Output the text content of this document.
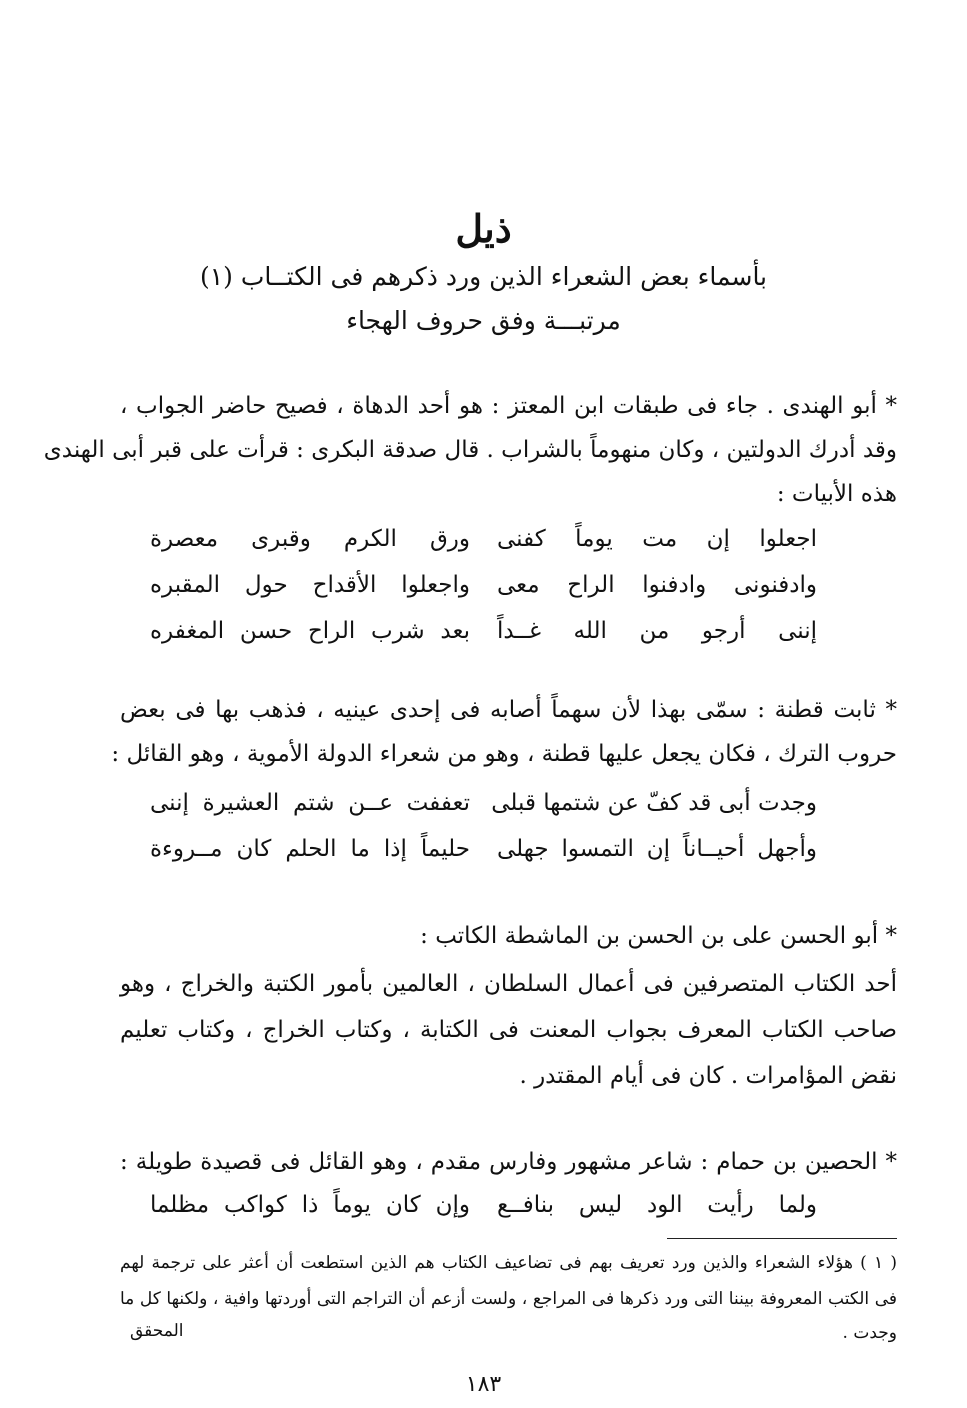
ذيل
بأسماء بعض الشعراء الذين ورد ذكرهم فى الكتــاب (١)
مرتبـــة وفق حروف الهجاء
* أبو الهندى . جاء فى طبقات ابن المعتز : هو أحد الدهاة ، فصيح حاضر الجواب ،
وقد أدرك الدولتين ، وكان منهوماً بالشراب . قال صدقة البكرى : قرأت على قبر أبى الهندى
هذه الأبيات :
اجعلوا إن مت يوماً كفنى
ورق الكرم وقبرى معصرة
وادفنونى وادفنوا الراح معى
واجعلوا الأقداح حول المقبره
إننى أرجو من الله غــداً
بعد شرب الراح حسن المغفره
* ثابت قطنة : سمّى بهذا لأن سهماً أصابه فى إحدى عينيه ، فذهب بها فى بعض
حروب الترك ، فكان يجعل عليها قطنة ، وهو من شعراء الدولة الأموية ، وهو القائل :
وجدت أبى قد كفّ عن شتمها قبلى
تعففت عــن شتم العشيرة إننى
وأجهل أحيــاناً إن التمسوا جهلى
حليماً إذا ما الحلم كان مــروءة
* أبو الحسن على بن الحسن بن الماشطة الكاتب :
أحد الكتاب المتصرفين فى أعمال السلطان ، العالمين بأمور الكتبة والخراج ، وهو
صاحب الكتاب المعرف بجواب المعنت فى الكتابة ، وكتاب الخراج ، وكتاب تعليم
نقض المؤامرات . كان فى أيام المقتدر .
* الحصين بن حمام : شاعر مشهور وفارس مقدم ، وهو القائل فى قصيدة طويلة :
ولما رأيت الود ليس بنافــع
وإن كان يوماً ذا كواكب مظلما
( ١ ) هؤلاء الشعراء والذين ورد تعريف بهم فى تضاعيف الكتاب هم الذين استطعت أن أعثر على ترجمة لهم
فى الكتب المعروفة بيننا التى ورد ذكرها فى المراجع ، ولست أزعم أن التراجم التى أوردتها وافية ، ولكنها كل ما
وجدت .
المحقق
١٨٣
